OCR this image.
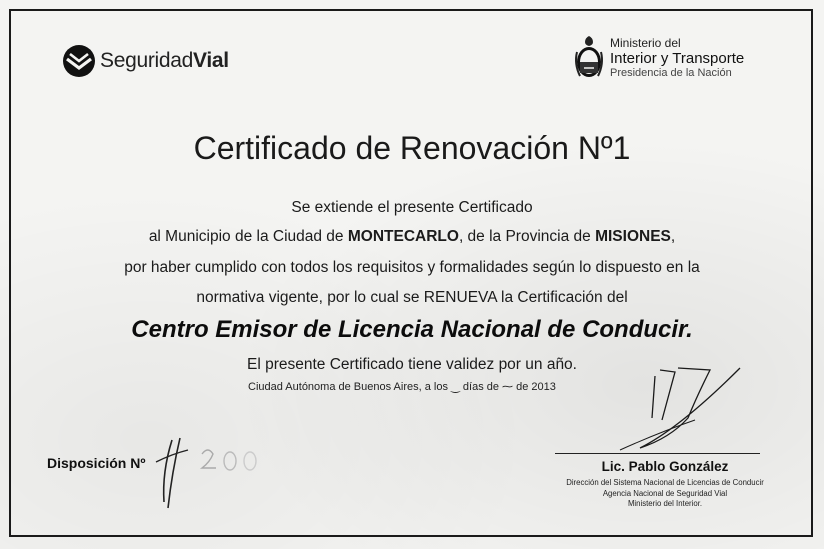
SeguridadVial
Ministerio del
Interior y Transporte
Presidencia de la Nación
Certificado de Renovación Nº1
Se extiende el presente Certificado
al Municipio de la Ciudad de MONTECARLO, de la Provincia de MISIONES,
por haber cumplido con todos los requisitos y formalidades según lo dispuesto en la
normativa vigente, por lo cual se RENUEVA la Certificación del
Centro Emisor de Licencia Nacional de Conducir.
El presente Certificado tiene validez por un año.
Ciudad Autónoma de Buenos Aires, a los ‿ días de ⁓ de 2013
Disposición Nº	Lic. Pablo González
Dirección del Sistema Nacional de Licencias de Conducir
Agencia Nacional de Seguridad Vial
Ministerio del Interior.
